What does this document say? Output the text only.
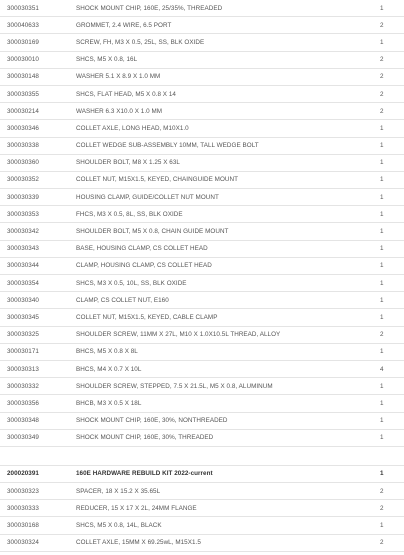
300030351	SHOCK MOUNT CHIP, 160E, 25/35%, THREADED	1
300040633	GROMMET, 2.4 WIRE, 6.5 PORT	2
300030169	SCREW, FH, M3 X 0.5, 25L, SS, BLK OXIDE	1
300030010	SHCS, M5 X 0.8, 16L	2
300030148	WASHER 5.1 X 8.9 X 1.0 MM	2
300030355	SHCS, FLAT HEAD, M5 X 0.8 X 14	2
300030214	WASHER 6.3 X10.0 X 1.0 MM	2
300030346	COLLET AXLE, LONG HEAD, M10X1.0	1
300030338	COLLET WEDGE SUB-ASSEMBLY 10MM, TALL WEDGE BOLT	1
300030360	SHOULDER BOLT, M8 X 1.25 X 63L	1
300030352	COLLET NUT, M15X1.5, KEYED, CHAINGUIDE MOUNT	1
300030339	HOUSING CLAMP, GUIDE/COLLET NUT MOUNT	1
300030353	FHCS, M3 X 0.5, 8L, SS, BLK OXIDE	1
300030342	SHOULDER BOLT, M5 X 0.8, CHAIN GUIDE MOUNT	1
300030343	BASE, HOUSING CLAMP, CS COLLET HEAD	1
300030344	CLAMP, HOUSING CLAMP, CS COLLET HEAD	1
300030354	SHCS, M3 X 0.5, 10L, SS, BLK OXIDE	1
300030340	CLAMP, CS COLLET NUT, E160	1
300030345	COLLET NUT, M15X1.5, KEYED, CABLE CLAMP	1
300030325	SHOULDER SCREW, 11MM X 27L, M10 X 1.0X10.5L THREAD, ALLOY	2
300030171	BHCS, M5 X 0.8 X 8L	1
300030313	BHCS, M4 X 0.7 X 10L	4
300030332	SHOULDER SCREW, STEPPED, 7.5 X 21.5L, M5 X 0.8, ALUMINUM	1
300030356	BHCB, M3 X 0.5 X 18L	1
300030348	SHOCK MOUNT CHIP, 160E, 30%, NONTHREADED	1
300030349	SHOCK MOUNT CHIP, 160E, 30%, THREADED	1
200020391	160E HARDWARE REBUILD KIT 2022-current	1
300030323	SPACER, 18 X 15.2 X 35.65L	2
300030333	REDUCER, 15 X 17 X 2L, 24MM FLANGE	2
300030168	SHCS, M5 X 0.8, 14L, BLACK	1
300030324	COLLET AXLE, 15MM X 69.25wL, M15X1.5	2
